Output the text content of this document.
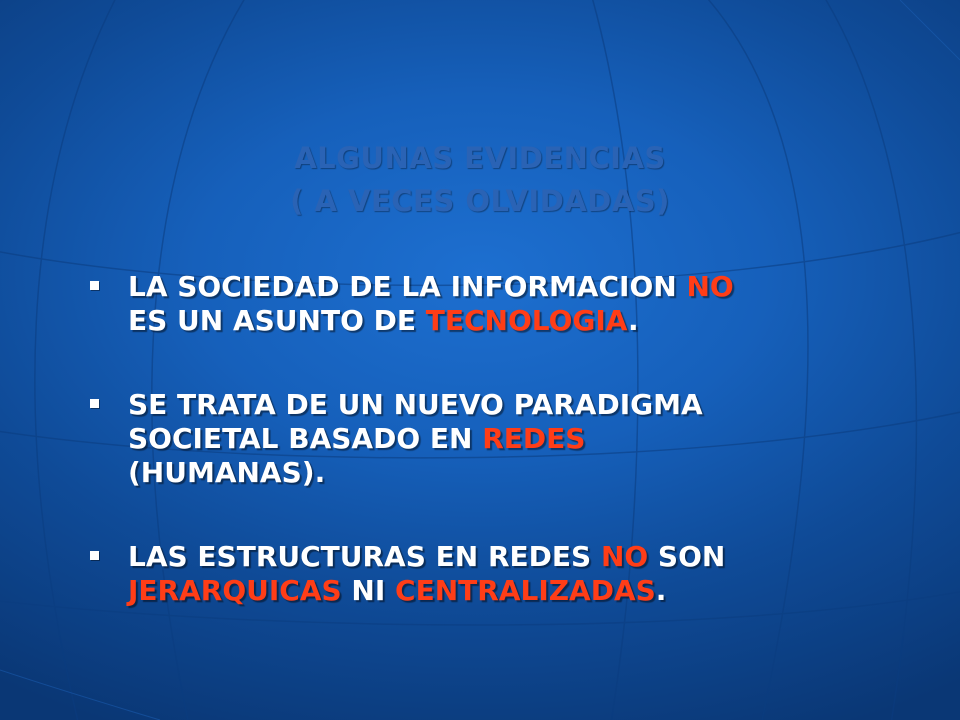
ALGUNAS EVIDENCIAS
( A VECES OLVIDADAS)
LA SOCIEDAD DE LA INFORMACION NO
ES UN ASUNTO DE TECNOLOGIA.
SE TRATA DE UN NUEVO PARADIGMA
SOCIETAL BASADO EN REDES
(HUMANAS).
LAS ESTRUCTURAS EN REDES NO SON
JERARQUICAS NI CENTRALIZADAS.
